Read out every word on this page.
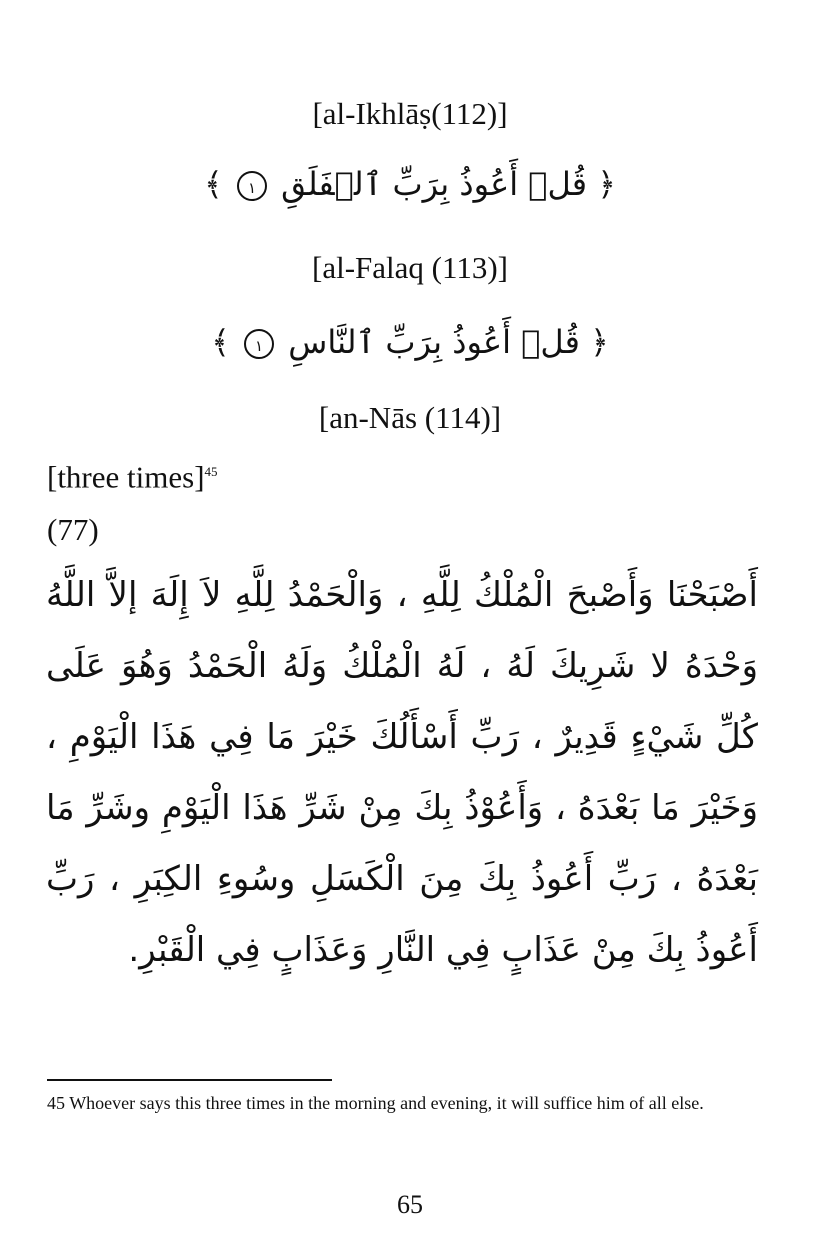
[al-Ikhlāṣ(112)]
﴿ قُلۡ أَعُوذُ بِرَبِّ ٱلۡفَلَقِ ١ ﴾
[al-Falaq (113)]
﴿ قُلۡ أَعُوذُ بِرَبِّ ٱلنَّاسِ ١ ﴾
[an-Nās (114)]
[three times]$^{45}$
(77)
أَصْبَحْنَا وَأَصْبحَ الْمُلْكُ لِلَّهِ ، وَالْحَمْدُ لِلَّهِ لاَ إِلَهَ إلاَّ اللَّهُ وَحْدَهُ لا شَرِيكَ لَهُ ، لَهُ الْمُلْكُ وَلَهُ الْحَمْدُ وَهُوَ عَلَى كُلِّ شَيْءٍ قَدِيرٌ ، رَبِّ أَسْأَلُكَ خَيْرَ مَا فِي هَذَا الْيَوْمِ ، وَخَيْرَ مَا بَعْدَهُ ، وَأَعُوْذُ بِكَ مِنْ شَرِّ هَذَا الْيَوْمِ وشَرِّ مَا بَعْدَهُ ، رَبِّ أَعُوذُ بِكَ مِنَ الْكَسَلِ وسُوءِ الكِبَرِ ، رَبِّ أَعُوذُ بِكَ مِنْ عَذَابٍ فِي النَّارِ وَعَذَابٍ فِي الْقَبْرِ.
45 Whoever says this three times in the morning and evening, it will suffice him of all else.
65
